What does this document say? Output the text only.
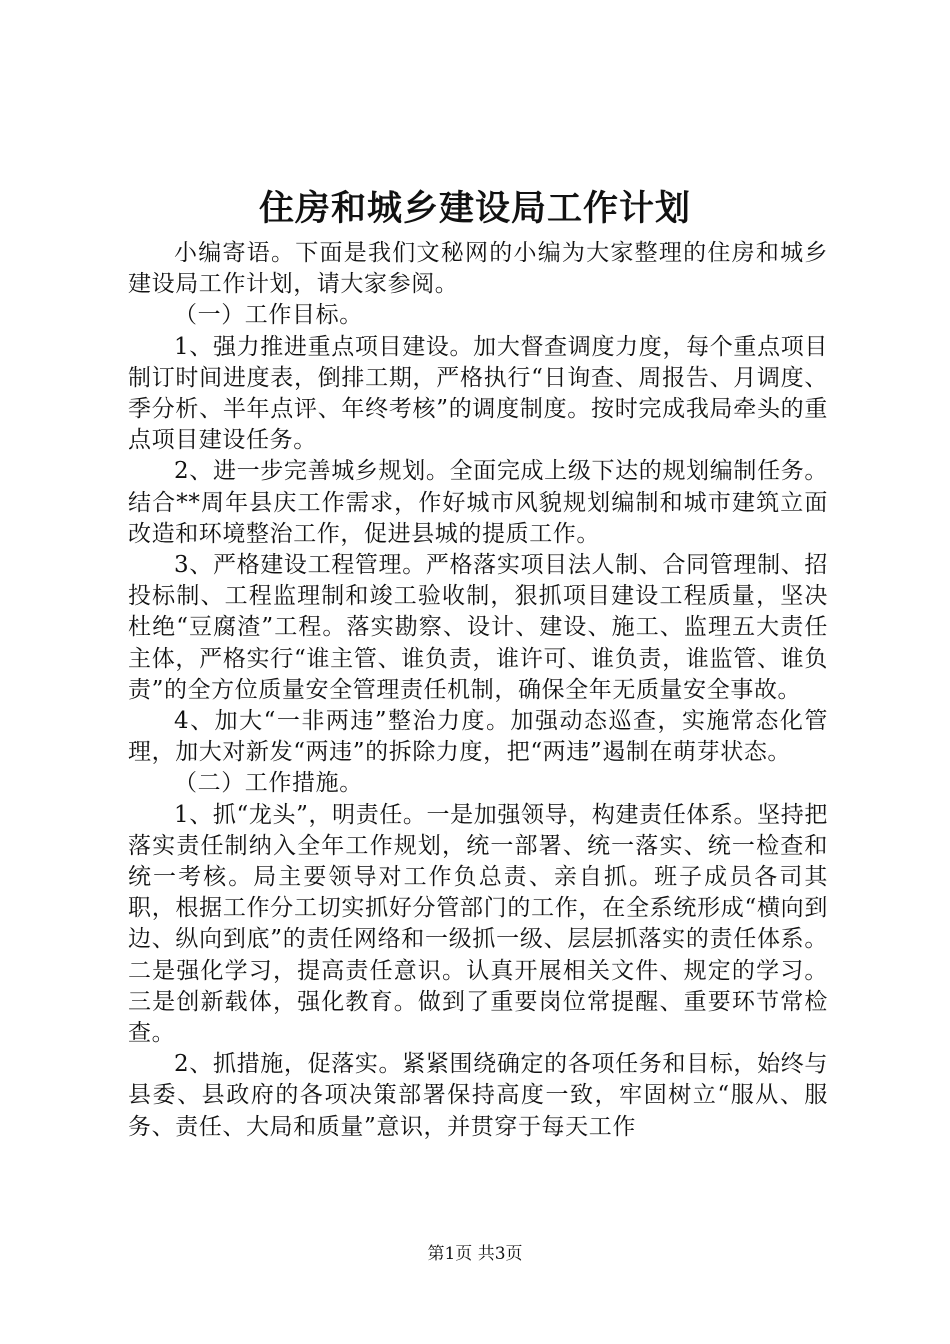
住房和城乡建设局工作计划

小编寄语。下面是我们文秘网的小编为大家整理的住房和城乡建设局工作计划，请大家参阅。

（一）工作目标。

1、强力推进重点项目建设。加大督查调度力度，每个重点项目制订时间进度表，倒排工期，严格执行“日询查、周报告、月调度、季分析、半年点评、年终考核”的调度制度。按时完成我局牵头的重点项目建设任务。

2、进一步完善城乡规划。全面完成上级下达的规划编制任务。结合**周年县庆工作需求，作好城市风貌规划编制和城市建筑立面改造和环境整治工作，促进县城的提质工作。

3、严格建设工程管理。严格落实项目法人制、合同管理制、招投标制、工程监理制和竣工验收制，狠抓项目建设工程质量，坚决杜绝“豆腐渣”工程。落实勘察、设计、建设、施工、监理五大责任主体，严格实行“谁主管、谁负责，谁许可、谁负责，谁监管、谁负责”的全方位质量安全管理责任机制，确保全年无质量安全事故。

4、加大“一非两违”整治力度。加强动态巡查，实施常态化管理，加大对新发“两违”的拆除力度，把“两违”遏制在萌芽状态。

（二）工作措施。

1、抓“龙头”，明责任。一是加强领导，构建责任体系。坚持把落实责任制纳入全年工作规划，统一部署、统一落实、统一检查和统一考核。局主要领导对工作负总责、亲自抓。班子成员各司其职，根据工作分工切实抓好分管部门的工作，在全系统形成“横向到边、纵向到底”的责任网络和一级抓一级、层层抓落实的责任体系。二是强化学习，提高责任意识。认真开展相关文件、规定的学习。三是创新载体，强化教育。做到了重要岗位常提醒、重要环节常检查。

2、抓措施，促落实。紧紧围绕确定的各项任务和目标，始终与县委、县政府的各项决策部署保持高度一致，牢固树立“服从、服务、责任、大局和质量”意识，并贯穿于每天工作

第1页 共3页
